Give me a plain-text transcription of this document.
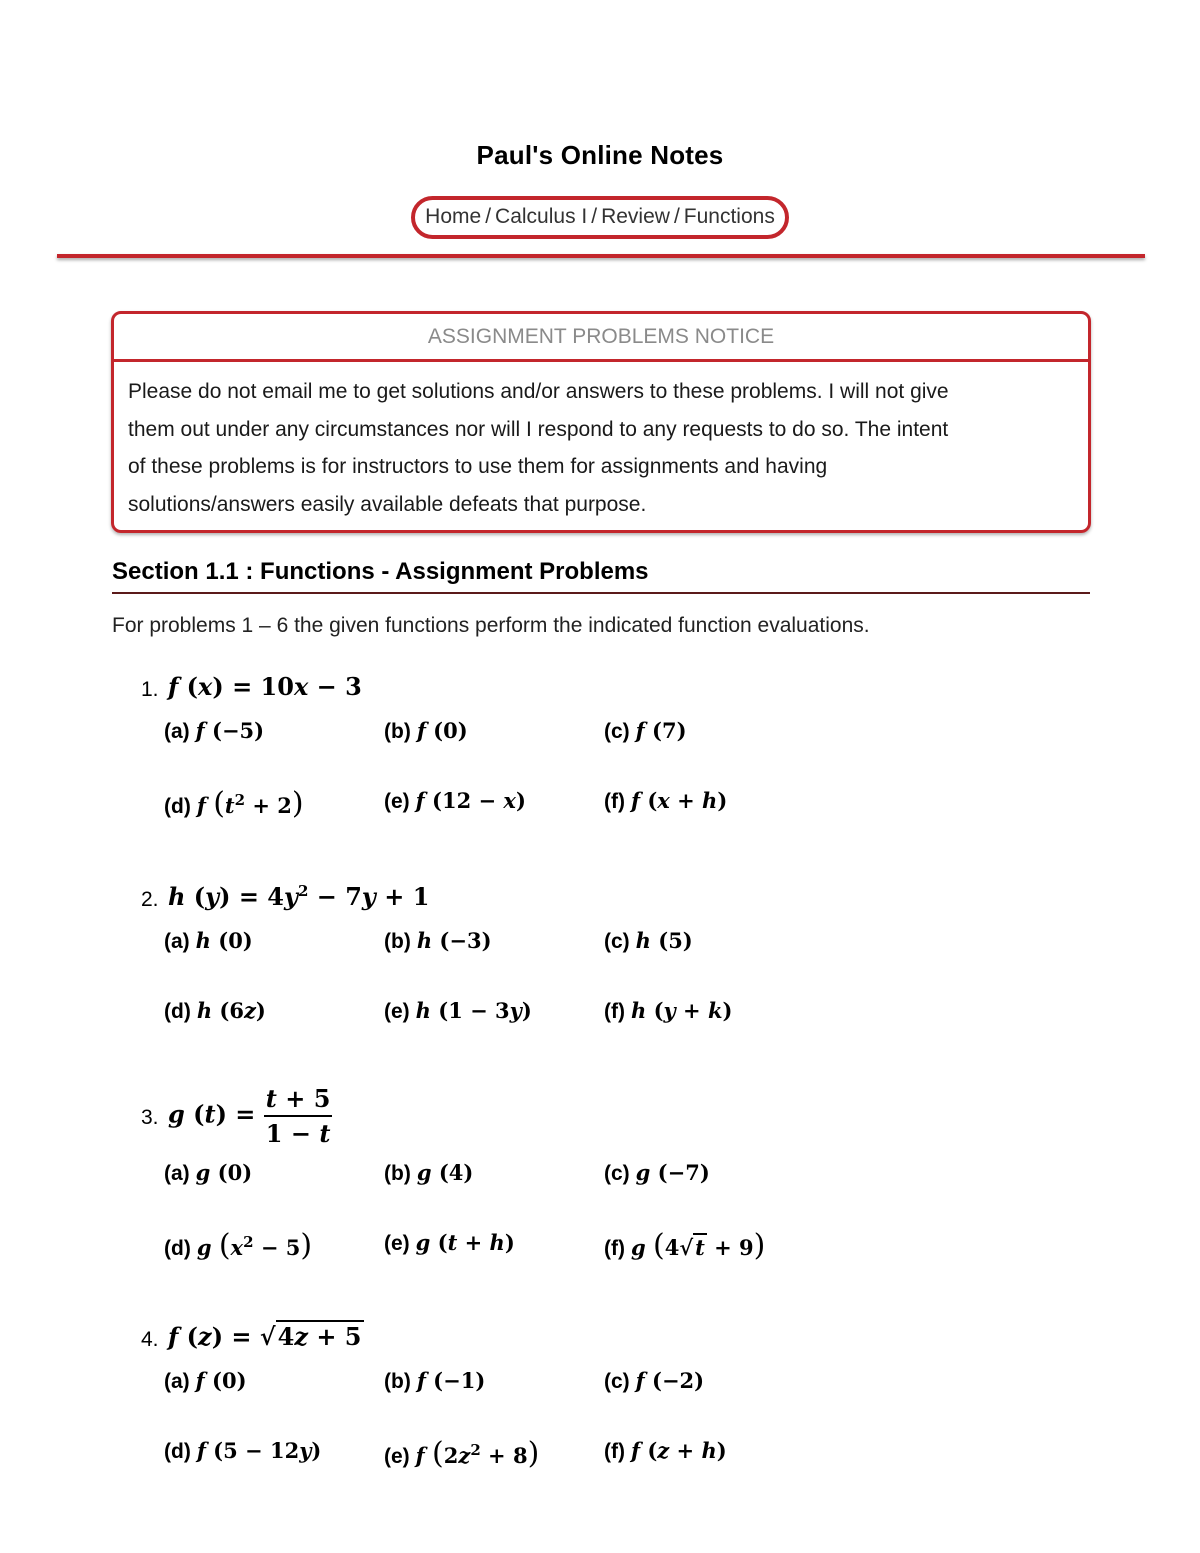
Paul's Online Notes
Home / Calculus I / Review / Functions
ASSIGNMENT PROBLEMS NOTICE
Please do not email me to get solutions and/or answers to these problems. I will not give
them out under any circumstances nor will I respond to any requests to do so. The intent
of these problems is for instructors to use them for assignments and having
solutions/answers easily available defeats that purpose.
Section 1.1 : Functions - Assignment Problems
For problems 1 – 6 the given functions perform the indicated function evaluations.
1. f (x) = 10x − 3
(a) f (−5)	(b) f (0)	(c) f (7)
(d) f $(t^2 + 2)$	(e) f (12 − x)	(f) f (x + h)
2. h $(y) = 4y^2 - 7y + 1$
(a) h (0)	(b) h (−3)	(c) h (5)
(d) h (6z)	(e) h (1 − 3y)	(f) h (y + k)
3. g $(t) = \frac{t + 5}{1 - t}$
(a) g (0)	(b) g (4)	(c) g (−7)
(d) g $(x^2 - 5)$	(e) g (t + h)	(f) g (4√t + 9)
4. f (z) = √4z + 5
(a) f (0)	(b) f (−1)	(c) f (−2)
(d) f (5 − 12y)	(e) f $(2z^2 + 8)$	(f) f (z + h)
